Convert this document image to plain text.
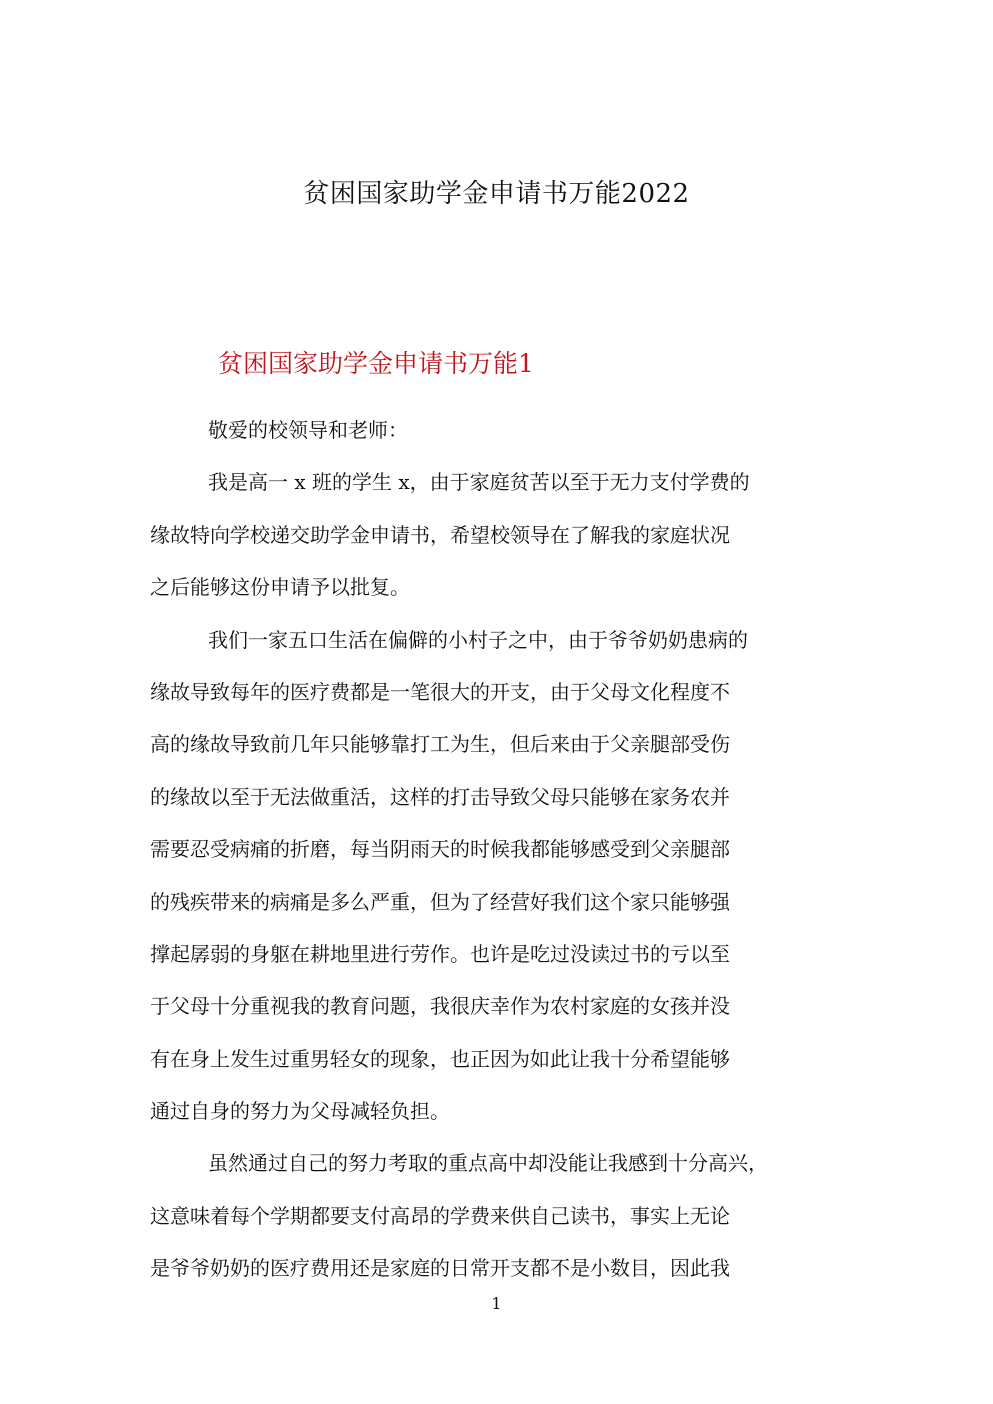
贫困国家助学金申请书万能2022
贫困国家助学金申请书万能1
敬爱的校领导和老师：
我是高一 x 班的学生 x，由于家庭贫苦以至于无力支付学费的
缘故特向学校递交助学金申请书，希望校领导在了解我的家庭状况
之后能够这份申请予以批复。
我们一家五口生活在偏僻的小村子之中，由于爷爷奶奶患病的
缘故导致每年的医疗费都是一笔很大的开支，由于父母文化程度不
高的缘故导致前几年只能够靠打工为生，但后来由于父亲腿部受伤
的缘故以至于无法做重活，这样的打击导致父母只能够在家务农并
需要忍受病痛的折磨，每当阴雨天的时候我都能够感受到父亲腿部
的残疾带来的病痛是多么严重，但为了经营好我们这个家只能够强
撑起孱弱的身躯在耕地里进行劳作。也许是吃过没读过书的亏以至
于父母十分重视我的教育问题，我很庆幸作为农村家庭的女孩并没
有在身上发生过重男轻女的现象，也正因为如此让我十分希望能够
通过自身的努力为父母减轻负担。
虽然通过自己的努力考取的重点高中却没能让我感到十分高兴，
这意味着每个学期都要支付高昂的学费来供自己读书，事实上无论
是爷爷奶奶的医疗费用还是家庭的日常开支都不是小数目，因此我
1
